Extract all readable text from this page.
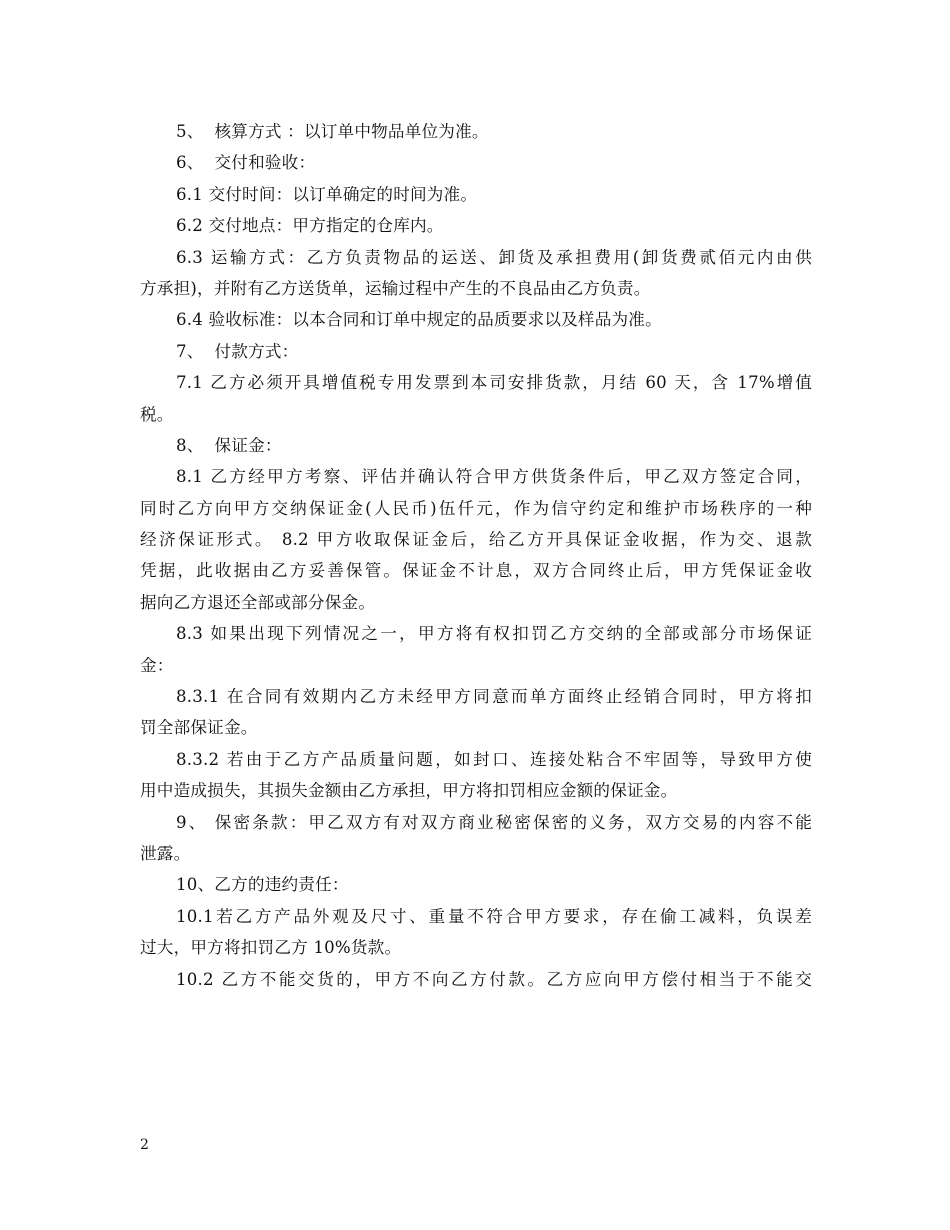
5、  核算方式 ：以订单中物品单位为准。
6、  交付和验收：
6.1 交付时间：以订单确定的时间为准。
6.2 交付地点：甲方指定的仓库内。
6.3 运输方式：乙方负责物品的运送、卸货及承担费用(卸货费贰佰元内由供
方承担)，并附有乙方送货单，运输过程中产生的不良品由乙方负责。
6.4 验收标准：以本合同和订单中规定的品质要求以及样品为准。
7、  付款方式：
7.1 乙方必须开具增值税专用发票到本司安排货款，月结 60 天，含 17%增值
税。
8、  保证金：
8.1 乙方经甲方考察、评估并确认符合甲方供货条件后，甲乙双方签定合同，
同时乙方向甲方交纳保证金(人民币)伍仟元，作为信守约定和维护市场秩序的一种
经济保证形式。 8.2 甲方收取保证金后，给乙方开具保证金收据，作为交、退款
凭据，此收据由乙方妥善保管。保证金不计息，双方合同终止后，甲方凭保证金收
据向乙方退还全部或部分保金。
8.3 如果出现下列情况之一，甲方将有权扣罚乙方交纳的全部或部分市场保证
金：
8.3.1 在合同有效期内乙方未经甲方同意而单方面终止经销合同时，甲方将扣
罚全部保证金。
8.3.2 若由于乙方产品质量问题，如封口、连接处粘合不牢固等，导致甲方使
用中造成损失，其损失金额由乙方承担，甲方将扣罚相应金额的保证金。
9、 保密条款：甲乙双方有对双方商业秘密保密的义务，双方交易的内容不能
泄露。
10、乙方的违约责任：
10.1若乙方产品外观及尺寸、重量不符合甲方要求，存在偷工减料，负误差
过大，甲方将扣罚乙方 10%货款。
10.2 乙方不能交货的，甲方不向乙方付款。乙方应向甲方偿付相当于不能交
2
